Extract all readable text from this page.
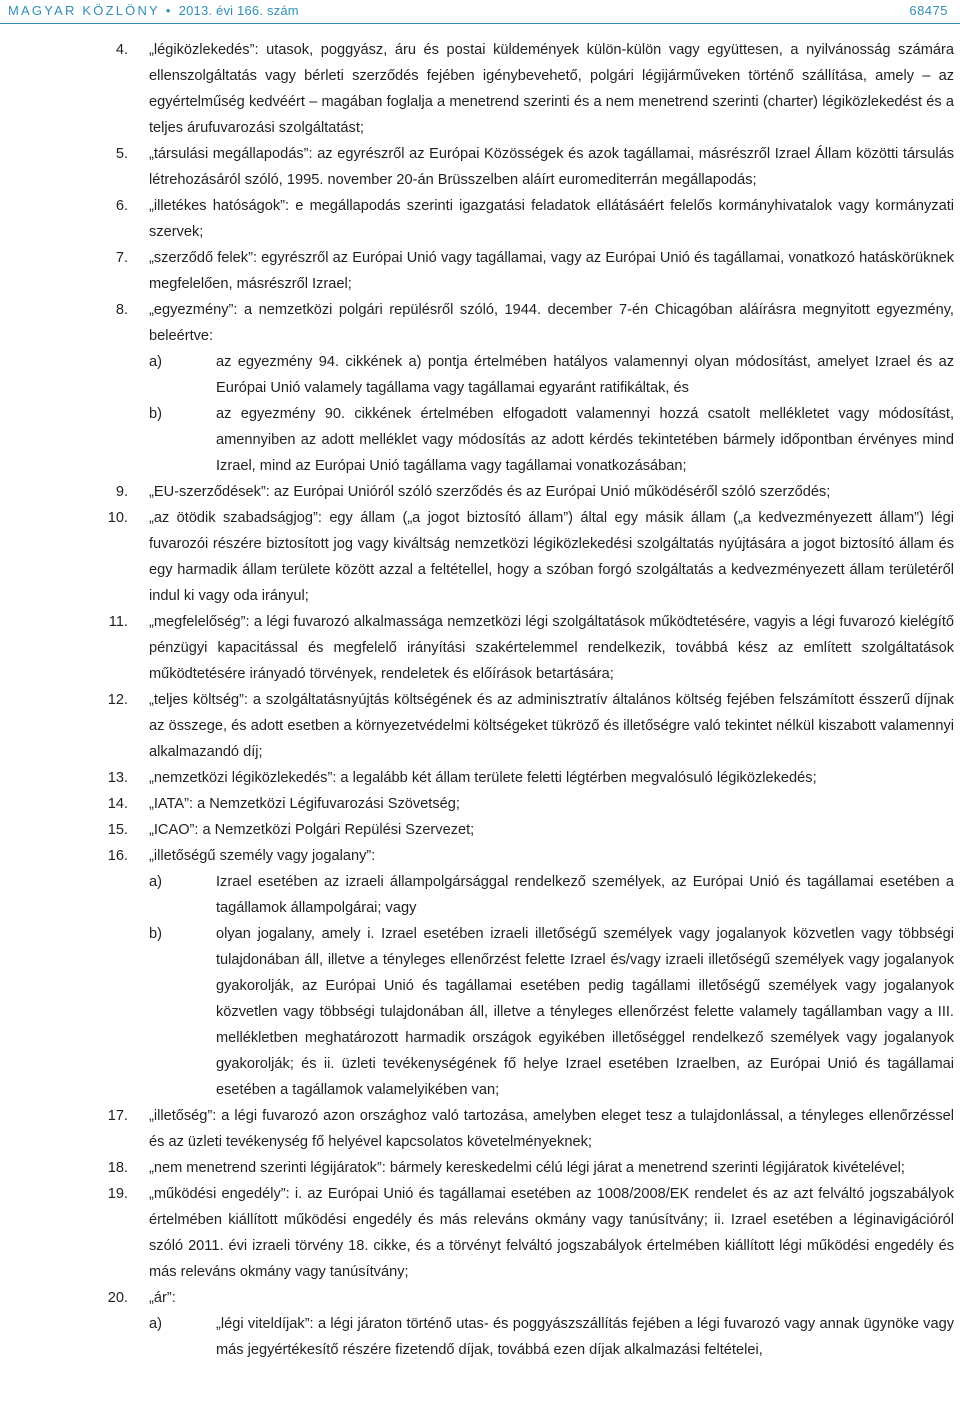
MAGYAR KÖZLÖNY • 2013. évi 166. szám	68475
4. „légiközlekedés”: utasok, poggyász, áru és postai küldemények külön-külön vagy együttesen, a nyilvánosság számára ellenszolgáltatás vagy bérleti szerződés fejében igénybevehető, polgári légijárműveken történő szállítása, amely – az egyértelműség kedvéért – magában foglalja a menetrend szerinti és a nem menetrend szerinti (charter) légiközlekedést és a teljes árufuvarozási szolgáltatást;
5. „társulási megállapodás”: az egyrészről az Európai Közösségek és azok tagállamai, másrészről Izrael Állam közötti társulás létrehozásáról szóló, 1995. november 20-án Brüsszelben aláírt euromediterrán megállapodás;
6. „illetékes hatóságok”: e megállapodás szerinti igazgatási feladatok ellátásáért felelős kormányhivatalok vagy kormányzati szervek;
7. „szerződő felek”: egyrészről az Európai Unió vagy tagállamai, vagy az Európai Unió és tagállamai, vonatkozó hatáskörüknek megfelelően, másrészről Izrael;
8. „egyezmény”: a nemzetközi polgári repülésről szóló, 1944. december 7-én Chicagóban aláírásra megnyitott egyezmény, beleértve:
a)	az egyezmény 94. cikkének a) pontja értelmében hatályos valamennyi olyan módosítást, amelyet Izrael és az Európai Unió valamely tagállama vagy tagállamai egyaránt ratifikáltak, és
b)	az egyezmény 90. cikkének értelmében elfogadott valamennyi hozzá csatolt mellékletet vagy módosítást, amennyiben az adott melléklet vagy módosítás az adott kérdés tekintetében bármely időpontban érvényes mind Izrael, mind az Európai Unió tagállama vagy tagállamai vonatkozásában;
9. „EU-szerződések”: az Európai Unióról szóló szerződés és az Európai Unió működéséről szóló szerződés;
10. „az ötödik szabadságjog”: egy állam („a jogot biztosító állam”) által egy másik állam („a kedvezményezett állam”) légi fuvarozói részére biztosított jog vagy kiváltság nemzetközi légiközlekedési szolgáltatás nyújtására a jogot biztosító állam és egy harmadik állam területe között azzal a feltétellel, hogy a szóban forgó szolgáltatás a kedvezményezett állam területéről indul ki vagy oda irányul;
11. „megfelelőség”: a légi fuvarozó alkalmassága nemzetközi légi szolgáltatások működtetésére, vagyis a légi fuvarozó kielégítő pénzügyi kapacitással és megfelelő irányítási szakértelemmel rendelkezik, továbbá kész az említett szolgáltatások működtetésére irányadó törvények, rendeletek és előírások betartására;
12. „teljes költség”: a szolgáltatásnyújtás költségének és az adminisztratív általános költség fejében felszámított ésszerű díjnak az összege, és adott esetben a környezetvédelmi költségeket tükröző és illetőségre való tekintet nélkül kiszabott valamennyi alkalmazandó díj;
13. „nemzetközi légiközlekedés”: a legalább két állam területe feletti légtérben megvalósuló légiközlekedés;
14. „IATA”: a Nemzetközi Légifuvarozási Szövetség;
15. „ICAO”: a Nemzetközi Polgári Repülési Szervezet;
16. „illetőségű személy vagy jogalany”:
a)	Izrael esetében az izraeli állampolgársággal rendelkező személyek, az Európai Unió és tagállamai esetében a tagállamok állampolgárai; vagy
b)	olyan jogalany, amely i. Izrael esetében izraeli illetőségű személyek vagy jogalanyok közvetlen vagy többségi tulajdonában áll, illetve a tényleges ellenőrzést felette Izrael és/vagy izraeli illetőségű személyek vagy jogalanyok gyakorolják, az Európai Unió és tagállamai esetében pedig tagállami illetőségű személyek vagy jogalanyok közvetlen vagy többségi tulajdonában áll, illetve a tényleges ellenőrzést felette valamely tagállamban vagy a III. mellékletben meghatározott harmadik országok egyikében illetőséggel rendelkező személyek vagy jogalanyok gyakorolják; és ii. üzleti tevékenységének fő helye Izrael esetében Izraelben, az Európai Unió és tagállamai esetében a tagállamok valamelyikében van;
17. „illetőség”: a légi fuvarozó azon országhoz való tartozása, amelyben eleget tesz a tulajdonlással, a tényleges ellenőrzéssel és az üzleti tevékenység fő helyével kapcsolatos követelményeknek;
18. „nem menetrend szerinti légijáratok”: bármely kereskedelmi célú légi járat a menetrend szerinti légijáratok kivételével;
19. „működési engedély”: i. az Európai Unió és tagállamai esetében az 1008/2008/EK rendelet és az azt felváltó jogszabályok értelmében kiállított működési engedély és más releváns okmány vagy tanúsítvány; ii. Izrael esetében a léginavigációról szóló 2011. évi izraeli törvény 18. cikke, és a törvényt felváltó jogszabályok értelmében kiállított légi működési engedély és más releváns okmány vagy tanúsítvány;
20. „ár”:
a)	„légi viteldíjak”: a légi járaton történő utas- és poggyászszállítás fejében a légi fuvarozó vagy annak ügynöke vagy más jegyértékesítő részére fizetendő díjak, továbbá ezen díjak alkalmazási feltételei,
